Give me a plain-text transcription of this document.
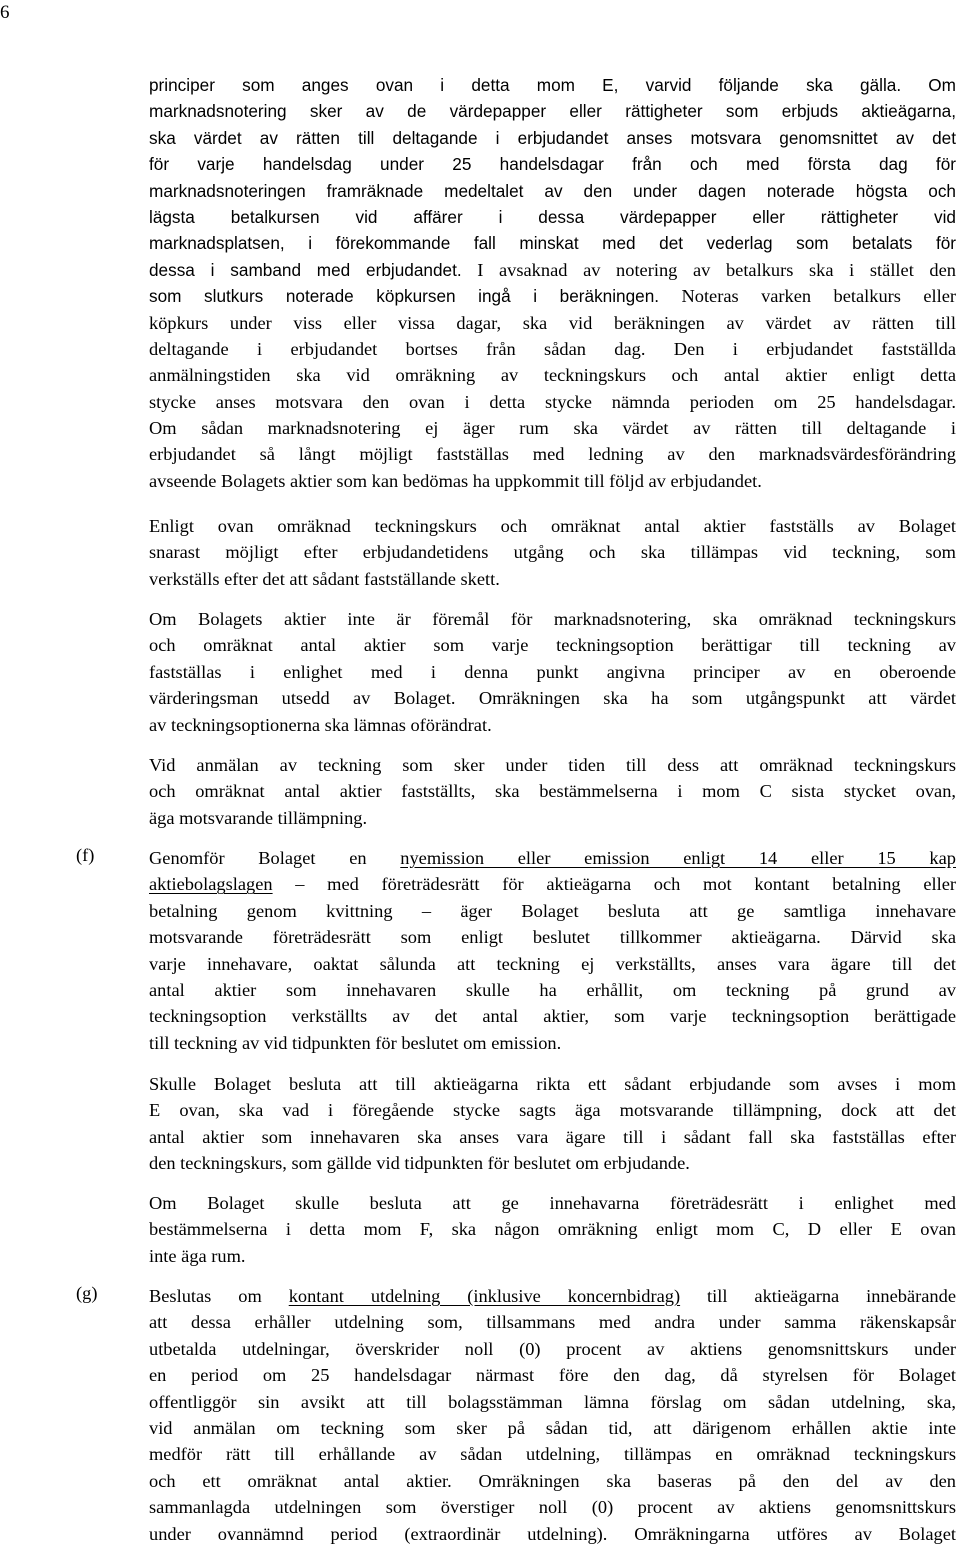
6
principer som anges ovan i detta mom E, varvid följande ska gälla. Om
marknadsnotering sker av de värdepapper eller rättigheter som erbjuds aktieägarna,
ska värdet av rätten till deltagande i erbjudandet anses motsvara genomsnittet av det
för varje handelsdag under 25 handelsdagar från och med första dag för
marknadsnoteringen framräknade medeltalet av den under dagen noterade högsta och
lägsta betalkursen vid affärer i dessa värdepapper eller rättigheter vid
marknadsplatsen, i förekommande fall minskat med det vederlag som betalats för
dessa i samband med erbjudandet. I avsaknad av notering av betalkurs ska i stället den
som slutkurs noterade köpkursen ingå i beräkningen. Noteras varken betalkurs eller
köpkurs under viss eller vissa dagar, ska vid beräkningen av värdet av rätten till
deltagande i erbjudandet bortses från sådan dag. Den i erbjudandet fastställda
anmälningstiden ska vid omräkning av teckningskurs och antal aktier enligt detta
stycke anses motsvara den ovan i detta stycke nämnda perioden om 25 handelsdagar.
Om sådan marknadsnotering ej äger rum ska värdet av rätten till deltagande i
erbjudandet så långt möjligt fastställas med ledning av den marknadsvärdesförändring
avseende Bolagets aktier som kan bedömas ha uppkommit till följd av erbjudandet.
Enligt ovan omräknad teckningskurs och omräknat antal aktier fastställs av Bolaget
snarast möjligt efter erbjudandetidens utgång och ska tillämpas vid teckning, som
verkställs efter det att sådant fastställande skett.
Om Bolagets aktier inte är föremål för marknadsnotering, ska omräknad teckningskurs
och omräknat antal aktier som varje teckningsoption berättigar till teckning av
fastställas i enlighet med i denna punkt angivna principer av en oberoende
värderingsman utsedd av Bolaget. Omräkningen ska ha som utgångspunkt att värdet
av teckningsoptionerna ska lämnas oförändrat.
Vid anmälan av teckning som sker under tiden till dess att omräknad teckningskurs
och omräknat antal aktier fastställts, ska bestämmelserna i mom C sista stycket ovan,
äga motsvarande tillämpning.
(f)	Genomför Bolaget en nyemission eller emission enligt 14 eller 15 kap
aktiebolagslagen – med företrädesrätt för aktieägarna och mot kontant betalning eller
betalning genom kvittning – äger Bolaget besluta att ge samtliga innehavare
motsvarande företrädesrätt som enligt beslutet tillkommer aktieägarna. Därvid ska
varje innehavare, oaktat sålunda att teckning ej verkställts, anses vara ägare till det
antal aktier som innehavaren skulle ha erhållit, om teckning på grund av
teckningsoption verkställts av det antal aktier, som varje teckningsoption berättigade
till teckning av vid tidpunkten för beslutet om emission.
Skulle Bolaget besluta att till aktieägarna rikta ett sådant erbjudande som avses i mom
E ovan, ska vad i föregående stycke sagts äga motsvarande tillämpning, dock att det
antal aktier som innehavaren ska anses vara ägare till i sådant fall ska fastställas efter
den teckningskurs, som gällde vid tidpunkten för beslutet om erbjudande.
Om Bolaget skulle besluta att ge innehavarna företrädesrätt i enlighet med
bestämmelserna i detta mom F, ska någon omräkning enligt mom C, D eller E ovan
inte äga rum.
(g)	Beslutas om kontant utdelning (inklusive koncernbidrag) till aktieägarna innebärande
att dessa erhåller utdelning som, tillsammans med andra under samma räkenskapsår
utbetalda utdelningar, överskrider noll (0) procent av aktiens genomsnittskurs under
en period om 25 handelsdagar närmast före den dag, då styrelsen för Bolaget
offentliggör sin avsikt att till bolagsstämman lämna förslag om sådan utdelning, ska,
vid anmälan om teckning som sker på sådan tid, att därigenom erhållen aktie inte
medför rätt till erhållande av sådan utdelning, tillämpas en omräknad teckningskurs
och ett omräknat antal aktier. Omräkningen ska baseras på den del av den
sammanlagda utdelningen som överstiger noll (0) procent av aktiens genomsnittskurs
under ovannämnd period (extraordinär utdelning). Omräkningarna utföres av Bolaget
